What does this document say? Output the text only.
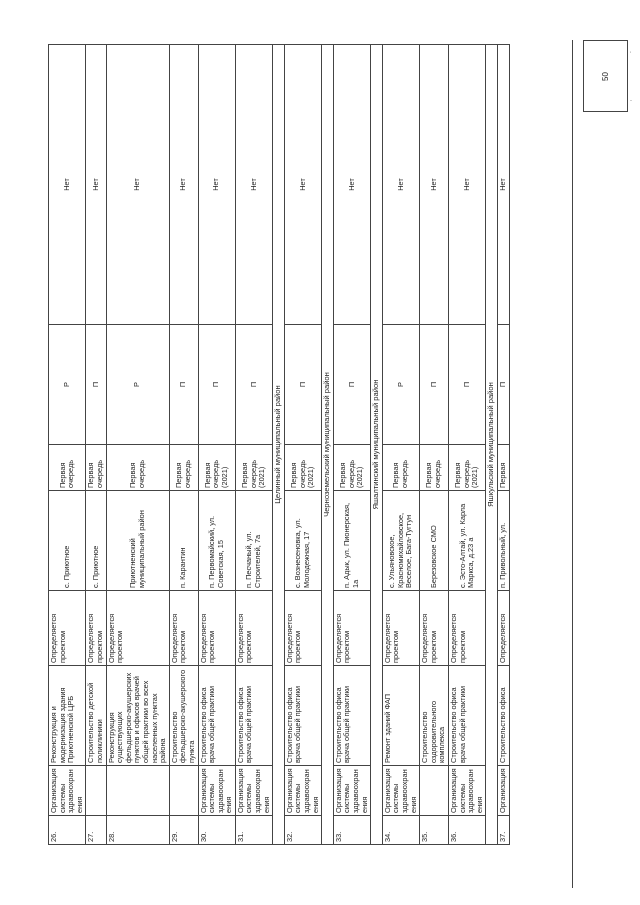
50
'
-
26.	Организация системы здравоохранения	Реконструкция и модернизация здания Приютненской ЦРБ	Определяется проектом	с. Приютное	Первая очередь	Р	Нет
27.		Строительство детской поликлиники	Определяется проектом	с. Приютное	Первая очередь	П	Нет
28.		Реконструкция существующих фельдшерско-акушерских пунктов и офисов врачей общей практики во всех населенных пунктах района	Определяется проектом	Приютненский муниципальный район	Первая очередь	Р	Нет
29.		Строительство фельдшерско-акушерского пункта	Определяется проектом	п. Карантин	Первая очередь	П	Нет
30.	Организация системы здравоохранения	Строительство офиса врача общей практики	Определяется проектом	п. Первомайский, ул. Советская, 15	Первая очередь (2021)	П	Нет
31.	Организация системы здравоохранения	Строительство офиса врача общей практики	Определяется проектом	п. Песчаный, ул. Строителей, 7а	Первая очередь (2021)	П	Нет
Целинный муниципальный район							
32.	Организация системы здравоохранения	Строительство офиса врача общей практики	Определяется проектом	с. Вознесеновка, ул. Молодежная, 17	Первая очередь (2021)	П	Нет
Черноземельский муниципальный район							
33.	Организация системы здравоохранения	Строительство офиса врача общей практики	Определяется проектом	п. Адык, ул. Пионерская, 1а	Первая очередь (2021)	П	Нет
Яшалтинский муниципальный район							
34.	Организация системы здравоохранения	Ремонт зданий ФАП	Определяется проектом	с. Ульяновское, Красномихайловское, Веселое, Бага-Тугтун	Первая очередь	Р	Нет
35.		Строительство оздоровительного комплекса	Определяется проектом	Березовское СМО	Первая очередь	П	Нет
36.	Организация системы здравоохранения	Строительство офиса врача общей практики	Определяется проектом	с. Эсто-Алтай, ул. Карла Маркса, д.23 а	Первая очередь (2021)	П	Нет
Яшкульский муниципальный район							
37.	Организация	Строительство офиса	Определяется	п. Привольный, ул.	Первая	П	Нет
